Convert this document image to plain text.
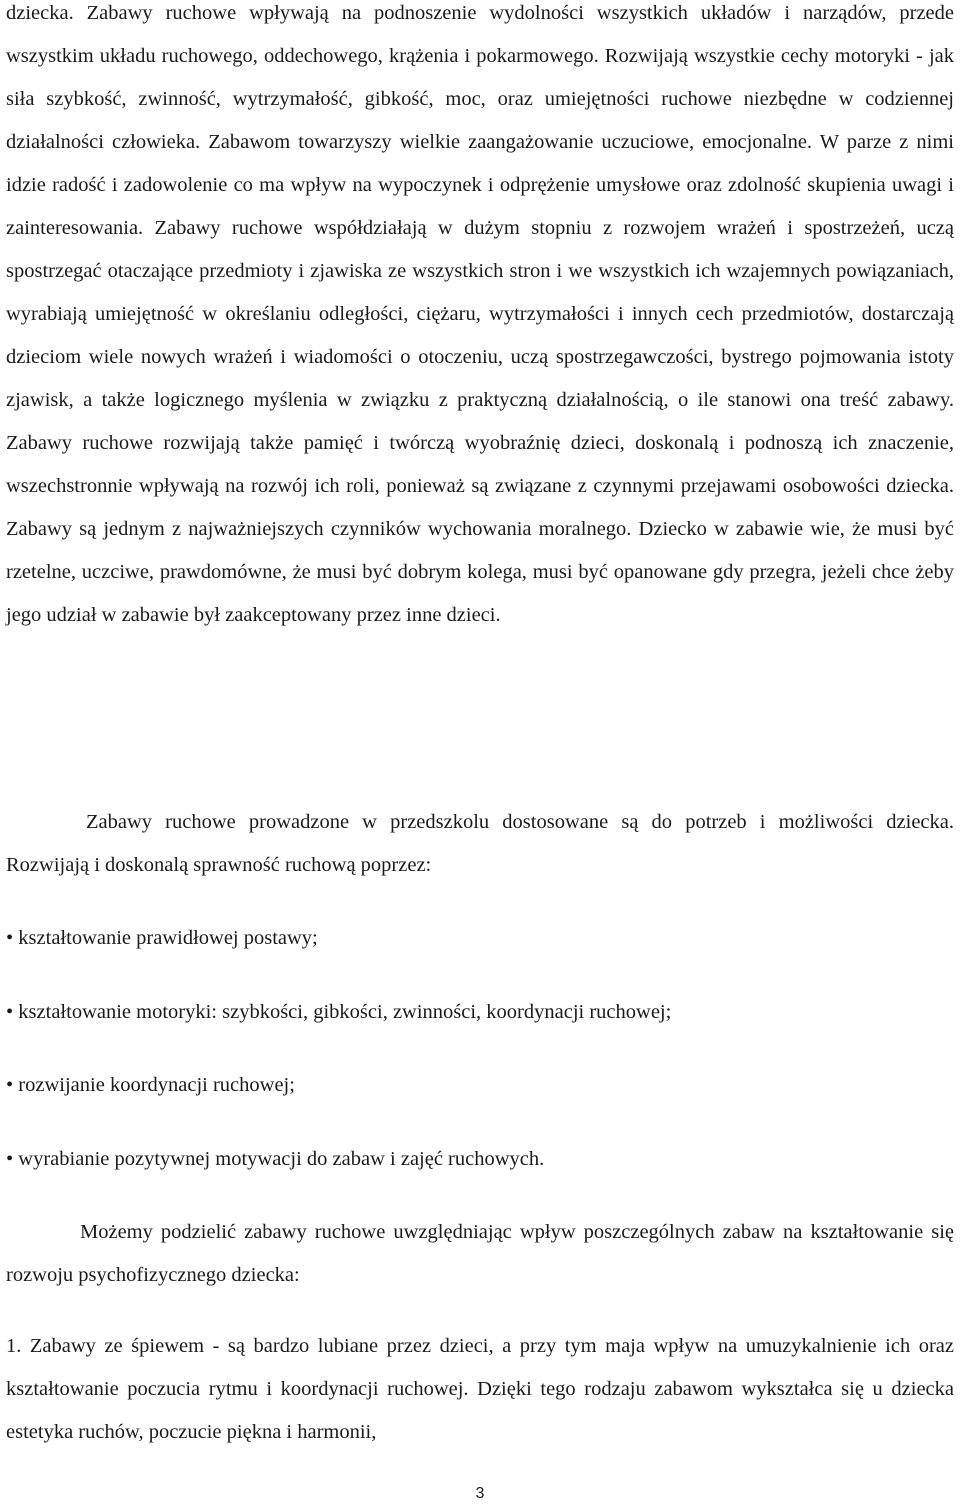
dziecka. Zabawy ruchowe wpływają na podnoszenie wydolności wszystkich układów i narządów, przede wszystkim układu ruchowego, oddechowego, krążenia i pokarmowego. Rozwijają wszystkie cechy motoryki - jak siła szybkość, zwinność, wytrzymałość, gibkość, moc, oraz umiejętności ruchowe niezbędne w codziennej działalności człowieka. Zabawom towarzyszy wielkie zaangażowanie uczuciowe, emocjonalne. W parze z nimi idzie radość i zadowolenie co ma wpływ na wypoczynek i odprężenie umysłowe oraz zdolność skupienia uwagi i zainteresowania. Zabawy ruchowe współdziałają w dużym stopniu z rozwojem wrażeń i spostrzeżeń, uczą spostrzegać otaczające przedmioty i zjawiska ze wszystkich stron i we wszystkich ich wzajemnych powiązaniach, wyrabiają umiejętność w określaniu odległości, ciężaru, wytrzymałości i innych cech przedmiotów, dostarczają dzieciom wiele nowych wrażeń i wiadomości o otoczeniu, uczą spostrzegawczości, bystrego pojmowania istoty zjawisk, a także logicznego myślenia w związku z praktyczną działalnością, o ile stanowi ona treść zabawy. Zabawy ruchowe rozwijają także pamięć i twórczą wyobraźnię dzieci, doskonalą i podnoszą ich znaczenie, wszechstronnie wpływają na rozwój ich roli, ponieważ są związane z czynnymi przejawami osobowości dziecka. Zabawy są jednym z najważniejszych czynników wychowania moralnego. Dziecko w zabawie wie, że musi być rzetelne, uczciwe, prawdomówne, że musi być dobrym kolega, musi być opanowane gdy przegra, jeżeli chce żeby jego udział w zabawie był zaakceptowany przez inne dzieci.

Zabawy ruchowe prowadzone w przedszkolu dostosowane są do potrzeb i możliwości dziecka. Rozwijają i doskonalą sprawność ruchową poprzez:

• kształtowanie prawidłowej postawy;
• kształtowanie motoryki: szybkości, gibkości, zwinności, koordynacji ruchowej;
• rozwijanie koordynacji ruchowej;
• wyrabianie pozytywnej motywacji do zabaw i zajęć ruchowych.

Możemy podzielić zabawy ruchowe uwzględniając wpływ poszczególnych zabaw na kształtowanie się rozwoju psychofizycznego dziecka:

1. Zabawy ze śpiewem - są bardzo lubiane przez dzieci, a przy tym maja wpływ na umuzykalnienie ich oraz kształtowanie poczucia rytmu i koordynacji ruchowej. Dzięki tego rodzaju zabawom wykształca się u dziecka estetyka ruchów, poczucie piękna i harmonii,

3
